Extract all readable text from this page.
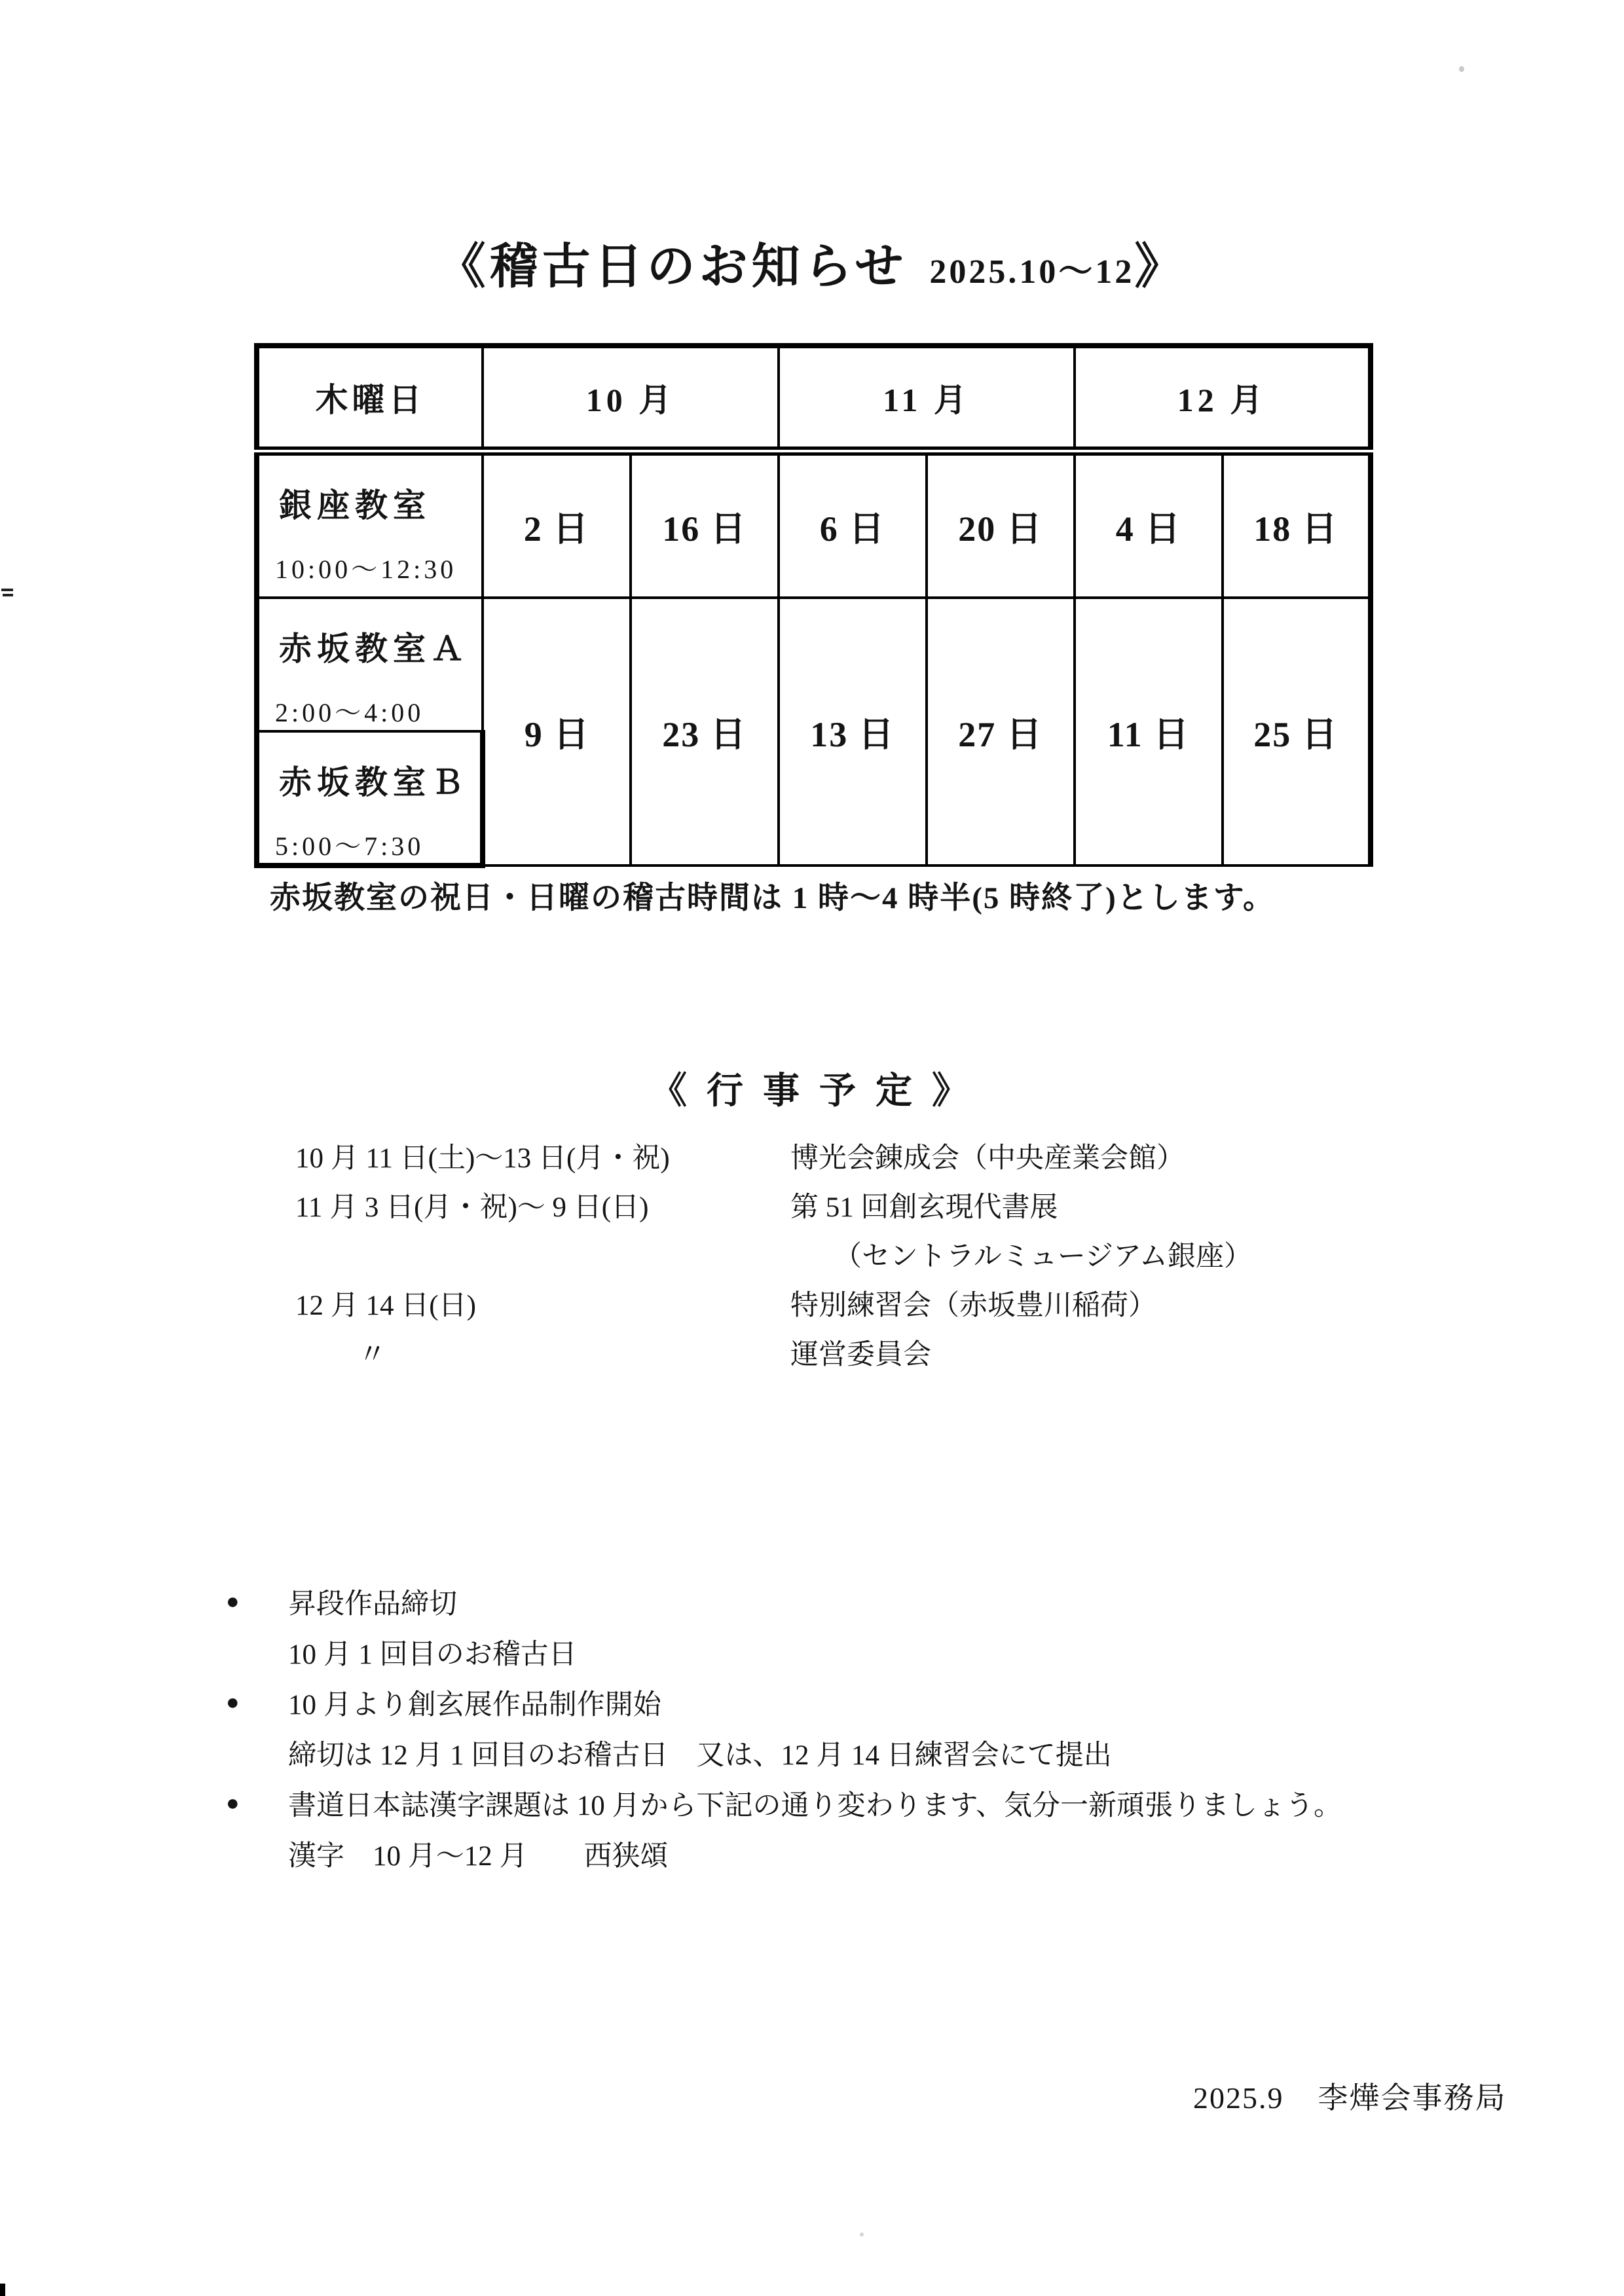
《稽古日のお知らせ 2025.10〜12》
木曜日	10 月		11 月		12 月	

銀座教室
10:00〜12:30	2 日	16 日	6 日	20 日	4 日	18 日

赤坂教室Ａ
2:00〜4:00	9 日	23 日	13 日	27 日	11 日	25 日

赤坂教室Ｂ
5:00〜7:30						
赤坂教室の祝日・日曜の稽古時間は 1 時〜4 時半(5 時終了)とします。
《 行 事 予 定 》
10 月 11 日(土)〜13 日(月・祝)	博光会錬成会（中央産業会館）
11 月 3 日(月・祝)〜 9 日(日)	第 51 回創玄現代書展
（セントラルミュージアム銀座）
12 月 14 日(日)	特別練習会（赤坂豊川稲荷）
〃	運営委員会
●	昇段作品締切
10 月 1 回目のお稽古日
●	10 月より創玄展作品制作開始
締切は 12 月 1 回目のお稽古日　又は、12 月 14 日練習会にて提出
●	書道日本誌漢字課題は 10 月から下記の通り変わります、気分一新頑張りましょう。
漢字　10 月〜12 月　　西狭頌
2025.9 李燁会事務局
